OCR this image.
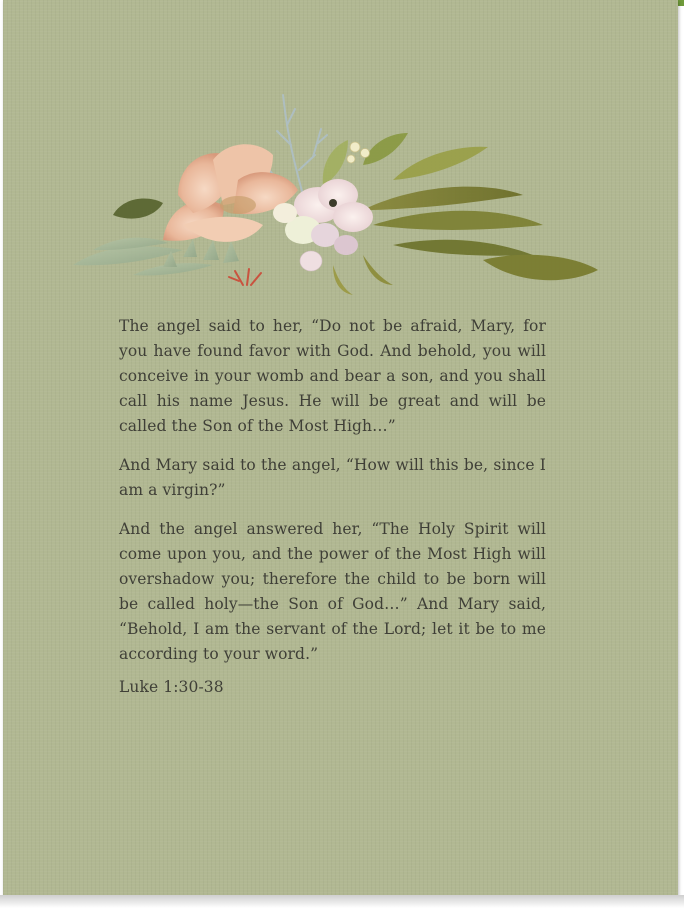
The angel said to her, “Do not be afraid, Mary, for you have found favor with God. And behold, you will conceive in your womb and bear a son, and you shall call his name Jesus. He will be great and will be called the Son of the Most High…”

And Mary said to the angel, “How will this be, since I am a virgin?”

And the angel answered her, “The Holy Spirit will come upon you, and the power of the Most High will overshadow you; therefore the child to be born will be called holy—the Son of God…” And Mary said, “Behold, I am the servant of the Lord; let it be to me according to your word.”

Luke 1:30-38
